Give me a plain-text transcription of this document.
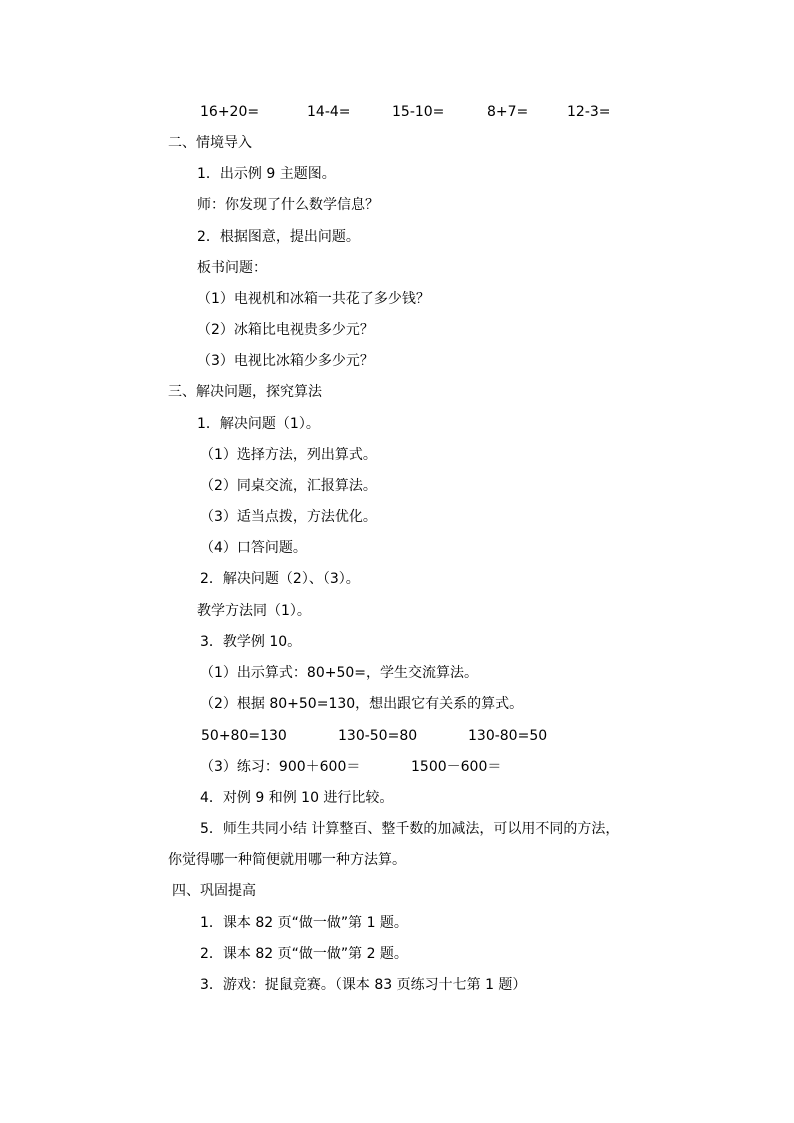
16+20=	14-4=	15-10=	8+7=	12-3=
二、情境导入
1．出示例 9 主题图。
师：你发现了什么数学信息？
2．根据图意，提出问题。
板书问题：
（1）电视机和冰箱一共花了多少钱？
（2）冰箱比电视贵多少元？
（3）电视比冰箱少多少元？
三、解决问题，探究算法
1．解决问题（1）。
（1）选择方法，列出算式。
（2）同桌交流，汇报算法。
（3）适当点拨，方法优化。
（4）口答问题。
2．解决问题（2）、（3）。
教学方法同（1）。
3．教学例 10。
（1）出示算式：80+50=，学生交流算法。
（2）根据 80+50=130，想出跟它有关系的算式。
50+80=130	130-50=80	130-80=50
（3）练习：900＋600＝	1500－600＝
4．对例 9 和例 10 进行比较。
5．师生共同小结 计算整百、整千数的加减法，可以用不同的方法，
你觉得哪一种简便就用哪一种方法算。
四、巩固提高
1．课本 82 页“做一做”第 1 题。
2．课本 82 页“做一做”第 2 题。
3．游戏：捉鼠竞赛。（课本 83 页练习十七第 1 题）
